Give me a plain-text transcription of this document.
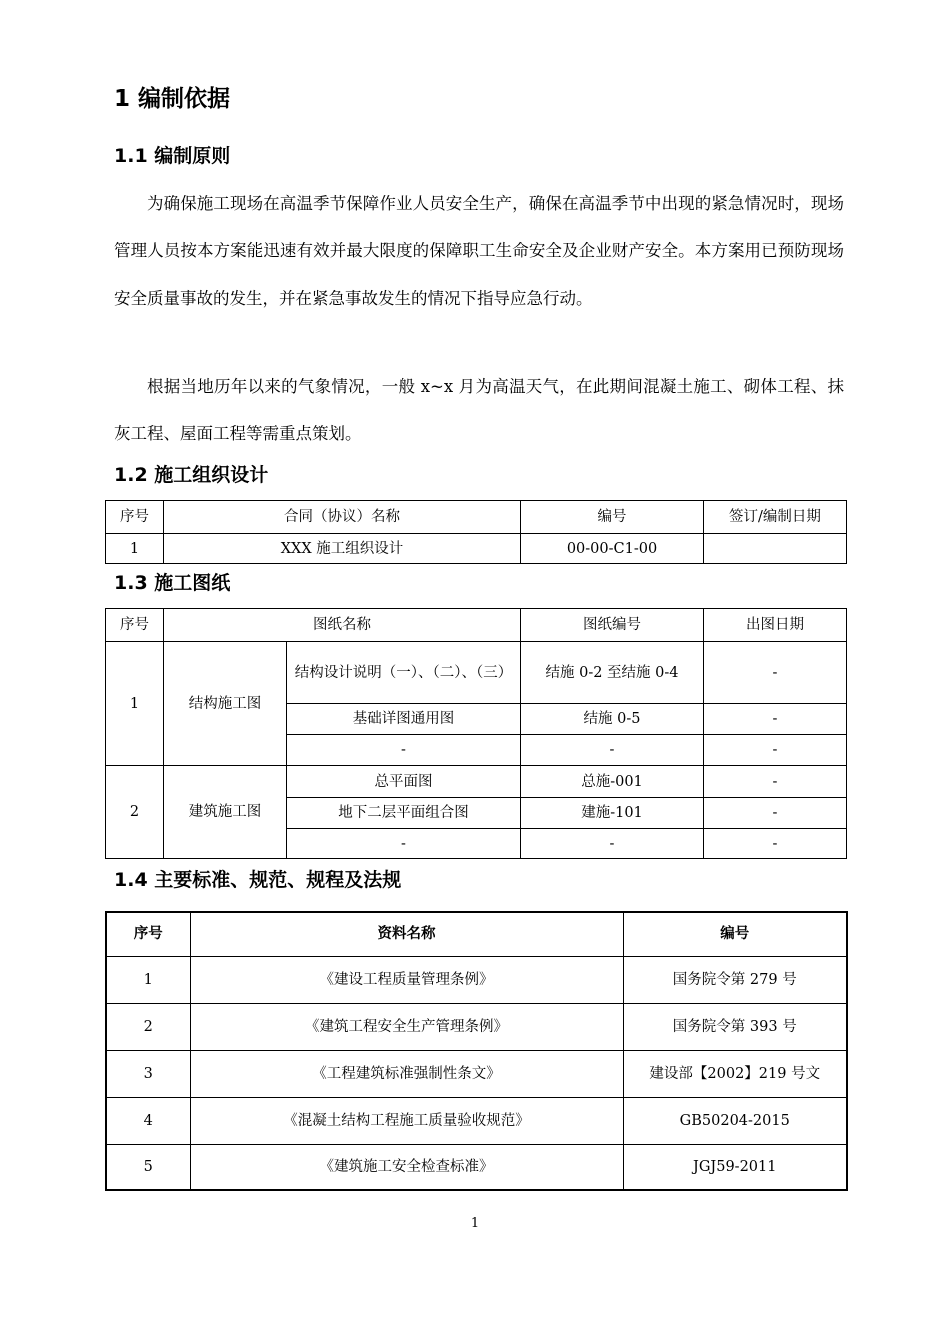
1 编制依据
1.1 编制原则

为确保施工现场在高温季节保障作业人员安全生产，确保在高温季节中出现的紧急情况时，现场管理人员按本方案能迅速有效并最大限度的保障职工生命安全及企业财产安全。本方案用已预防现场安全质量事故的发生，并在紧急事故发生的情况下指导应急行动。

根据当地历年以来的气象情况，一般 x~x 月为高温天气，在此期间混凝土施工、砌体工程、抹灰工程、屋面工程等需重点策划。

1.2 施工组织设计
序号	合同（协议）名称	编号	签订/编制日期
1	XXX 施工组织设计	00-00-C1-00	
1.3 施工图纸
序号	图纸名称		图纸编号	出图日期
1	结构施工图	结构设计说明（一）、（二）、（三）	结施 0-2 至结施 0-4	-
		基础详图通用图	结施 0-5	-
		-	-	-
2	建筑施工图	总平面图	总施-001	-
		地下二层平面组合图	建施-101	-
		-	-	-
1.4 主要标准、规范、规程及法规
序号	资料名称	编号
1	《建设工程质量管理条例》	国务院令第 279 号
2	《建筑工程安全生产管理条例》	国务院令第 393 号
3	《工程建筑标准强制性条文》	建设部【2002】219 号文
4	《混凝土结构工程施工质量验收规范》	GB50204-2015
5	《建筑施工安全检查标准》	JGJ59-2011
1
